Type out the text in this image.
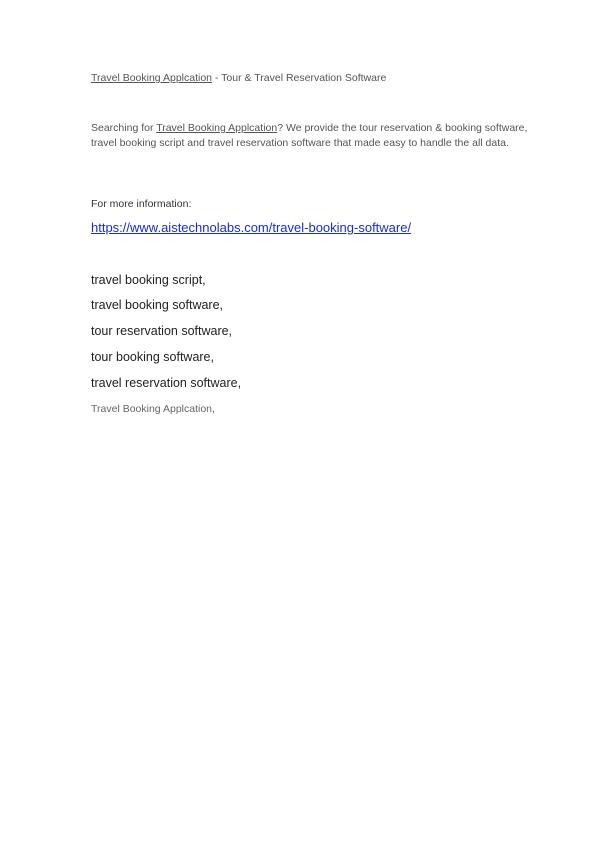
Travel Booking Applcation - Tour & Travel Reservation Software
Searching for Travel Booking Applcation? We provide the tour reservation & booking software, travel booking script and travel reservation software that made easy to handle the all data.
For more information:
https://www.aistechnolabs.com/travel-booking-software/
travel booking script,
travel booking software,
tour reservation software,
tour booking software,
travel reservation software,
Travel Booking Applcation,
